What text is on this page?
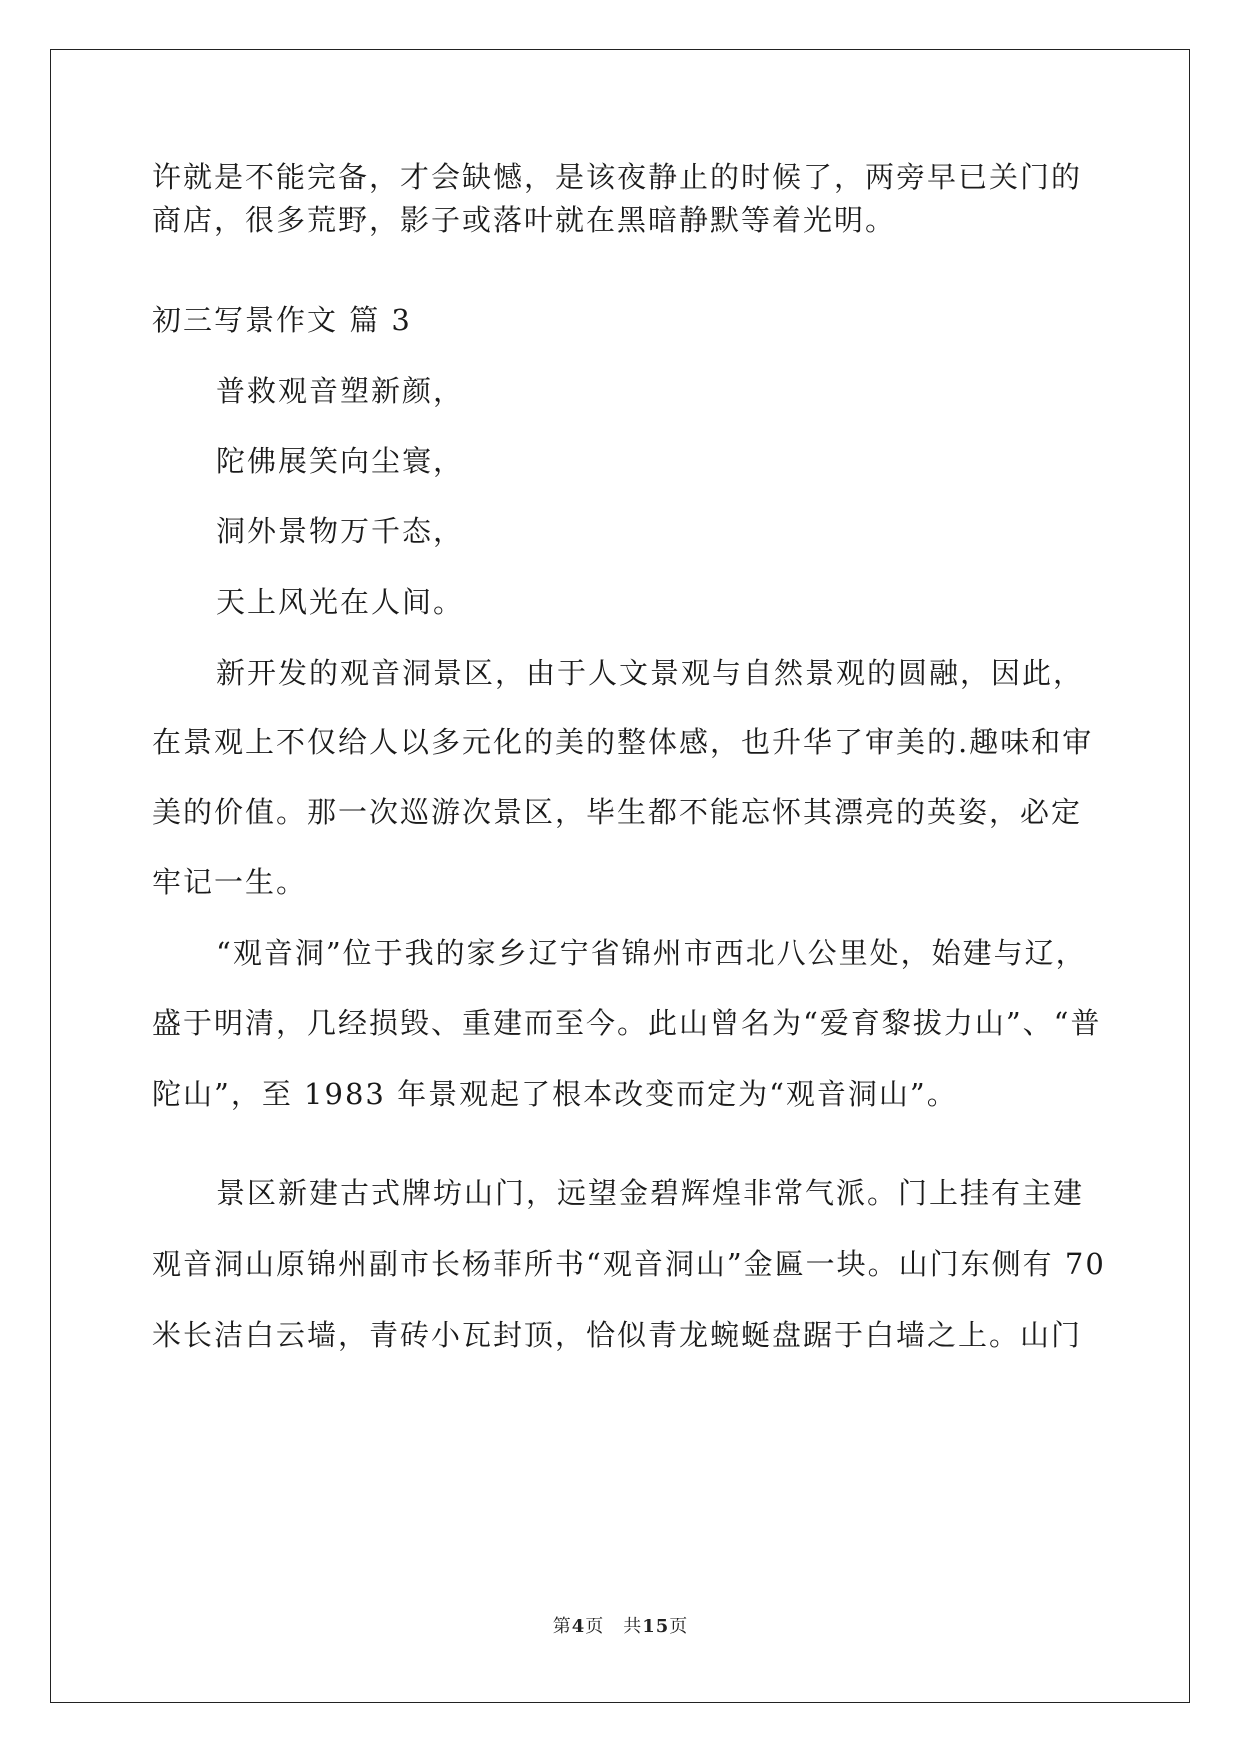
许就是不能完备，才会缺憾，是该夜静止的时候了，两旁早已关门的
商店，很多荒野，影子或落叶就在黑暗静默等着光明。
初三写景作文 篇 3
普救观音塑新颜，
陀佛展笑向尘寰，
洞外景物万千态，
天上风光在人间。
新开发的观音洞景区，由于人文景观与自然景观的圆融，因此，
在景观上不仅给人以多元化的美的整体感，也升华了审美的.趣味和审
美的价值。那一次巡游次景区，毕生都不能忘怀其漂亮的英姿，必定
牢记一生。
“观音洞”位于我的家乡辽宁省锦州市西北八公里处，始建与辽，
盛于明清，几经损毁、重建而至今。此山曾名为“爱育黎拔力山”、“普
陀山”，至 1983 年景观起了根本改变而定为“观音洞山”。
景区新建古式牌坊山门，远望金碧辉煌非常气派。门上挂有主建
观音洞山原锦州副市长杨菲所书“观音洞山”金匾一块。山门东侧有 70
米长洁白云墙，青砖小瓦封顶，恰似青龙蜿蜒盘踞于白墙之上。山门
第4页　共15页
